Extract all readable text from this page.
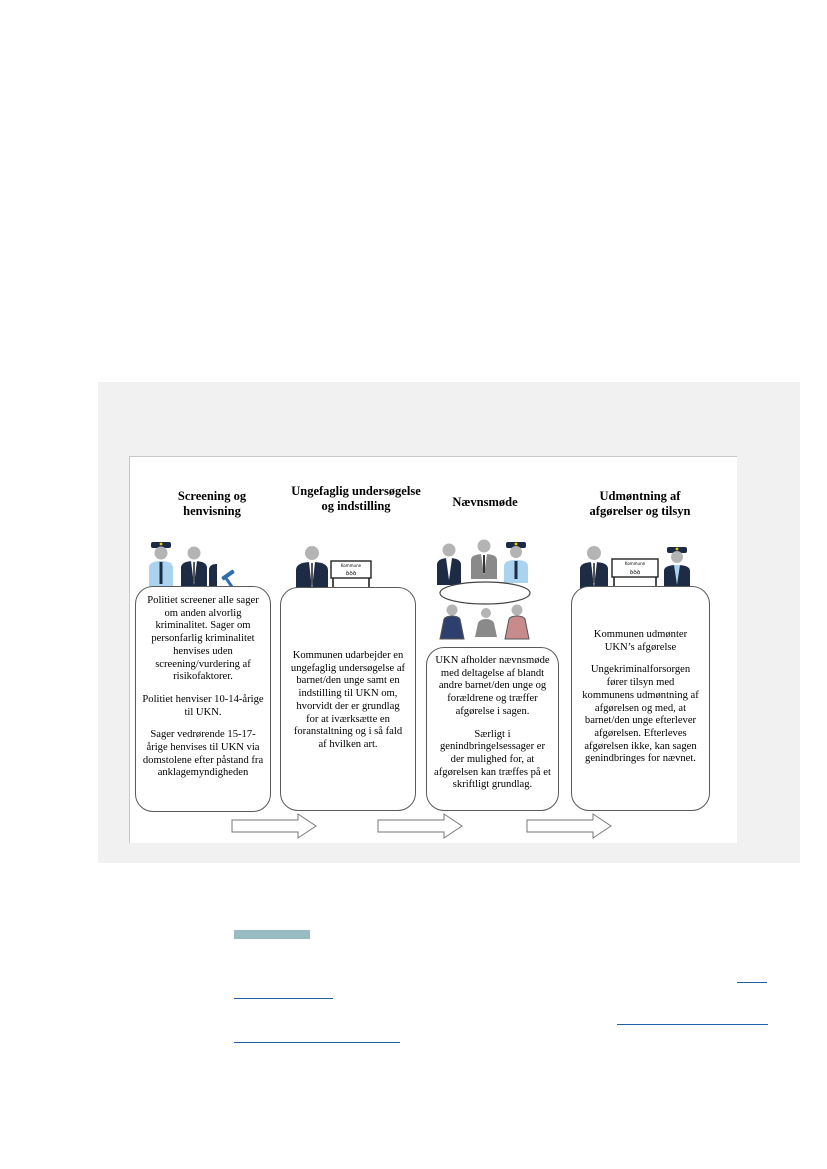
Screening og henvisning
Ungefaglig undersøgelse og indstilling	Nævnsmøde	Udmøntning af afgørelser og tilsyn
Kommune
ꝺꝺꝺ
Kommune
ꝺꝺꝺ

Politiet screener alle sager om anden alvorlig kriminalitet. Sager om personfarlig kriminalitet henvises uden screening/vurdering af risikofaktorer.

Politiet henviser 10-14-årige til UKN.

Sager vedrørende 15-17-årige henvises til UKN via domstolene efter påstand fra anklagemyndigheden

Kommunen udarbejder en ungefaglig undersøgelse af barnet/den unge samt en indstilling til UKN om, hvorvidt der er grundlag for at iværksætte en foranstaltning og i så fald af hvilken art.

UKN afholder nævnsmøde med deltagelse af blandt andre barnet/den unge og forældrene og træffer afgørelse i sagen.

Særligt i genindbringelsessager er der mulighed for, at afgørelsen kan træffes på et skriftligt grundlag.

Kommunen udmønter UKN’s afgørelse

Ungekriminalforsorgen fører tilsyn med kommunens udmøntning af afgørelsen og med, at barnet/den unge efterlever afgørelsen. Efterleves afgørelsen ikke, kan sagen genindbringes for nævnet.
